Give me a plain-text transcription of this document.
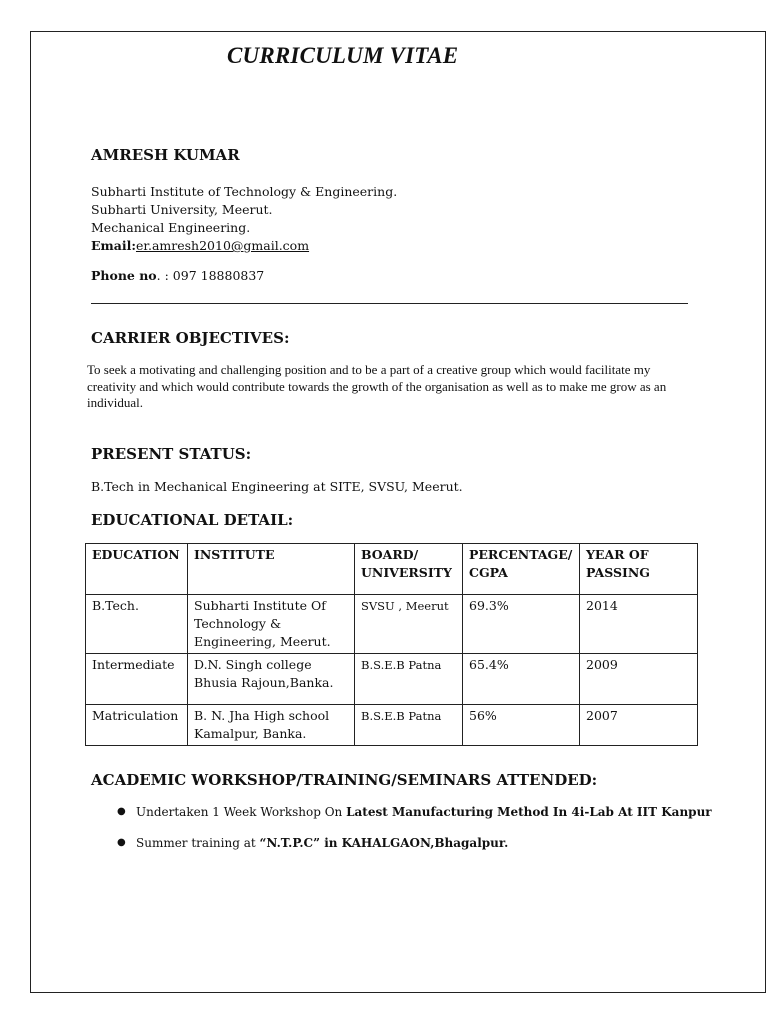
CURRICULUM VITAE
AMRESH KUMAR
Subharti Institute of Technology & Engineering.
Subharti University, Meerut.
Mechanical Engineering.
Email:er.amresh2010@gmail.com
Phone no. : 097 18880837
CARRIER OBJECTIVES:
To seek a motivating and challenging position and to be a part of a creative group which would facilitate my creativity and which would contribute towards the growth of the organisation as well as to make me grow as an individual.
PRESENT STATUS:
B.Tech in Mechanical Engineering at SITE, SVSU, Meerut.
EDUCATIONAL DETAIL:
EDUCATION	INSTITUTE	BOARD/ UNIVERSITY	PERCENTAGE/ CGPA	YEAR OF PASSING
B.Tech.	Subharti Institute Of Technology & Engineering, Meerut.	SVSU , Meerut	69.3%	2014
Intermediate	D.N. Singh college Bhusia Rajoun,Banka.	B.S.E.B Patna	65.4%	2009
Matriculation	B. N. Jha High school Kamalpur, Banka.	B.S.E.B Patna	56%	2007
ACADEMIC WORKSHOP/TRAINING/SEMINARS ATTENDED:
● Undertaken 1 Week Workshop On Latest Manufacturing Method In 4i-Lab At IIT Kanpur
● Summer training at “N.T.P.C” in KAHALGAON,Bhagalpur.
